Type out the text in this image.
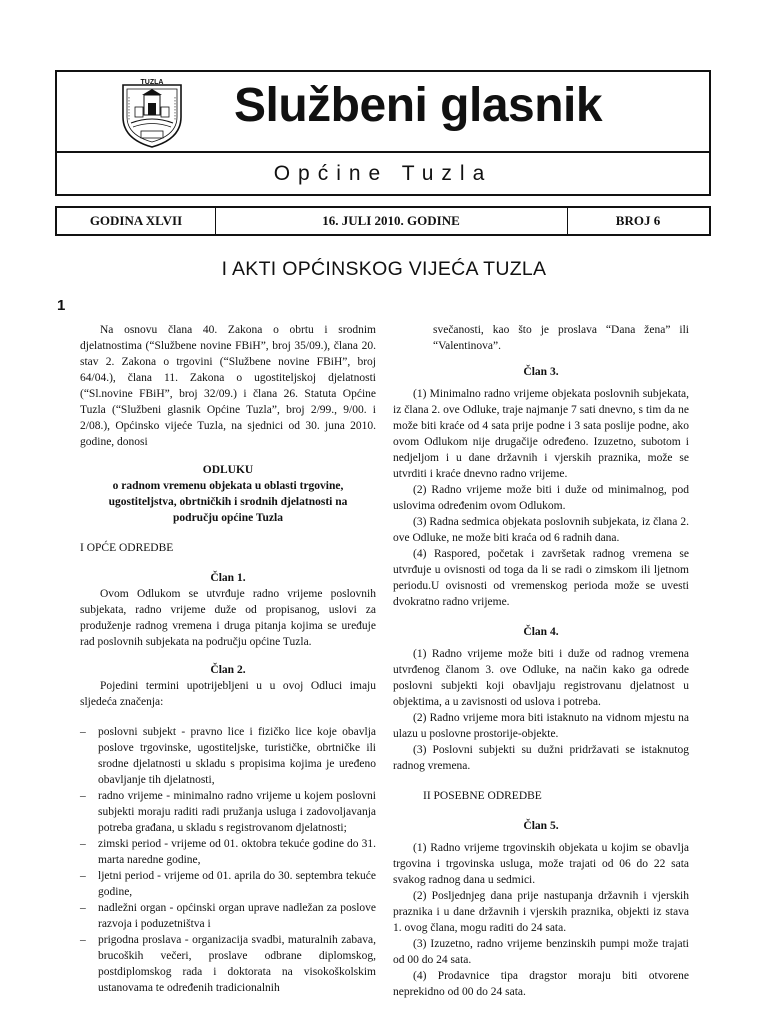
TUZLA Službeni glasnik
Općine Tuzla
GODINA XLVII	16. JULI 2010. GODINE	BROJ 6
I AKTI OPĆINSKOG VIJEĆA TUZLA
1

Na osnovu člana 40. Zakona o obrtu i srodnim djelatnostima (“Službene novine FBiH”, broj 35/09.), člana 20. stav 2. Zakona o trgovini (“Službene novine FBiH”, broj 64/04.), člana 11. Zakona o ugostiteljskoj djelatnosti (“Sl.novine FBiH”, broj 32/09.) i člana 26. Statuta Općine Tuzla (“Službeni glasnik Općine Tuzla”, broj 2/99., 9/00. i 2/08.), Općinsko vijeće Tuzla, na sjednici od 30. juna 2010. godine, donosi

ODLUKU

o radnom vremenu objekata u oblasti trgovine, ugostiteljstva, obrtničkih i srodnih djelatnosti na području općine Tuzla

I OPĆE ODREDBE

Član 1.

Ovom Odlukom se utvrđuje radno vrijeme poslovnih subjekata, radno vrijeme duže od propisanog, uslovi za produženje radnog vremena i druga pitanja kojima se uređuje rad poslovnih subjekata na području općine Tuzla.

Član 2.

Pojedini termini upotrijebljeni u u ovoj Odluci imaju sljedeća značenja:

– poslovni subjekt - pravno lice i fizičko lice koje obavlja poslove trgovinske, ugostiteljske, turističke, obrtničke ili srodne djelatnosti u skladu s propisima kojima je uređeno obavljanje tih djelatnosti,
– radno vrijeme - minimalno radno vrijeme u kojem poslovni subjekti moraju raditi radi pružanja usluga i zadovoljavanja potreba građana, u skladu s registrovanom djelatnosti;
– zimski period - vrijeme od 01. oktobra tekuće godine do 31. marta naredne godine,
– ljetni period - vrijeme od 01. aprila do 30. septembra tekuće godine,
– nadležni organ - općinski organ uprave nadležan za poslove razvoja i poduzetništva i
– prigodna proslava - organizacija svadbi, maturalnih zabava, brucoških večeri, proslave odbrane diplomskog, postdiplomskog rada i doktorata na visokoškolskim ustanovama te određenih tradicionalnih

svečanosti, kao što je proslava “Dana žena” ili “Valentinova”.

Član 3.

(1) Minimalno radno vrijeme objekata poslovnih subjekata, iz člana 2. ove Odluke, traje najmanje 7 sati dnevno, s tim da ne može biti kraće od 4 sata prije podne i 3 sata poslije podne, ako ovom Odlukom nije drugačije određeno. Izuzetno, subotom i nedjeljom i u dane državnih i vjerskih praznika, može se utvrditi i kraće dnevno radno vrijeme.

(2) Radno vrijeme može biti i duže od minimalnog, pod uslovima određenim ovom Odlukom.

(3) Radna sedmica objekata poslovnih subjekata, iz člana 2. ove Odluke, ne može biti kraća od 6 radnih dana.

(4) Raspored, početak i završetak radnog vremena se utvrđuje u ovisnosti od toga da li se radi o zimskom ili ljetnom periodu.U ovisnosti od vremenskog perioda može se uvesti dvokratno radno vrijeme.

Član 4.

(1) Radno vrijeme može biti i duže od radnog vremena utvrđenog članom 3. ove Odluke, na način kako ga odrede poslovni subjekti koji obavljaju registrovanu djelatnost u objektima, a u zavisnosti od uslova i potreba.

(2) Radno vrijeme mora biti istaknuto na vidnom mjestu na ulazu u poslovne prostorije-objekte.

(3) Poslovni subjekti su dužni pridržavati se istaknutog radnog vremena.

II POSEBNE ODREDBE

Član 5.

(1) Radno vrijeme trgovinskih objekata u kojim se obavlja trgovina i trgovinska usluga, može trajati od 06 do 22 sata svakog radnog dana u sedmici.

(2) Posljednjeg dana prije nastupanja državnih i vjerskih praznika i u dane državnih i vjerskih praznika, objekti iz stava 1. ovog člana, mogu raditi do 24 sata.

(3) Izuzetno, radno vrijeme benzinskih pumpi može trajati od 00 do 24 sata.

(4) Prodavnice tipa dragstor moraju biti otvorene neprekidno od 00 do 24 sata.
